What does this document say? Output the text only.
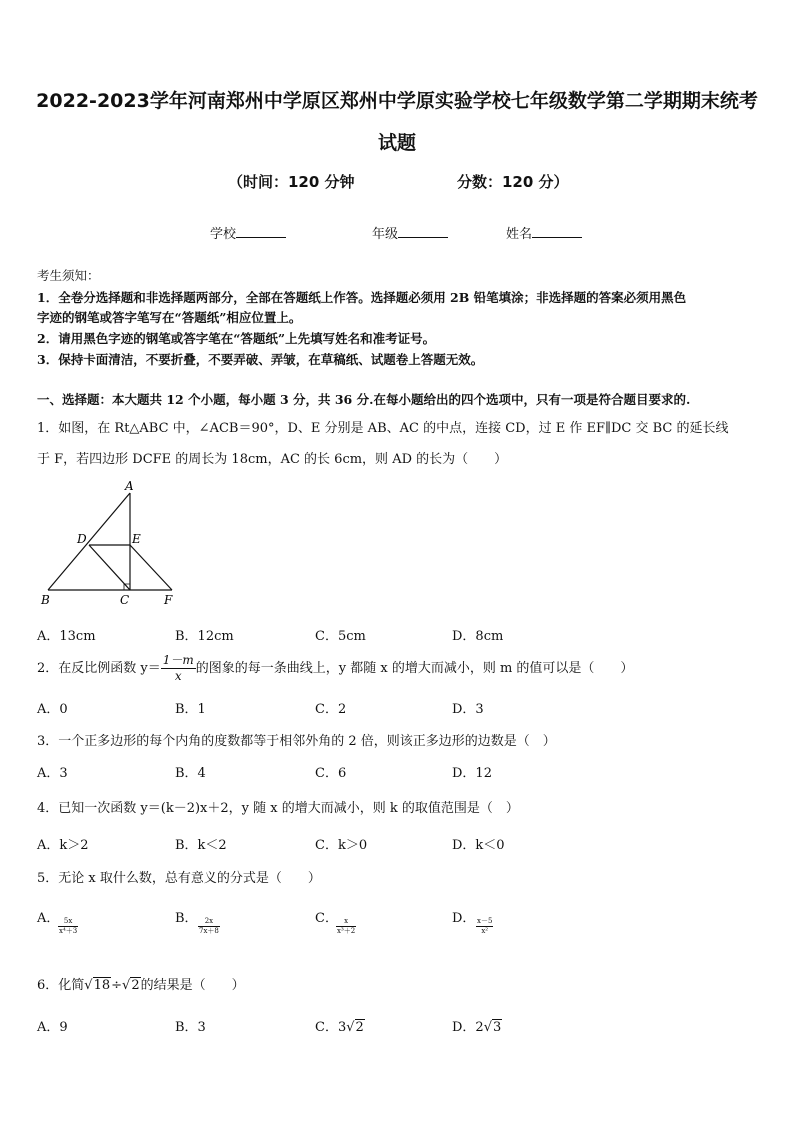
2022-2023学年河南郑州中学原区郑州中学原实验学校七年级数学第二学期期末统考
试题
（时间：120 分钟	分数：120 分）
学校	年级	姓名
考生须知：
1．全卷分选择题和非选择题两部分，全部在答题纸上作答。选择题必须用 2B 铅笔填涂；非选择题的答案必须用黑色
字迹的钢笔或答字笔写在“答题纸”相应位置上。
2．请用黑色字迹的钢笔或答字笔在“答题纸”上先填写姓名和准考证号。
3．保持卡面清洁，不要折叠，不要弄破、弄皱，在草稿纸、试题卷上答题无效。
一、选择题：本大题共 12 个小题，每小题 3 分，共 36 分.在每小题给出的四个选项中，只有一项是符合题目要求的.
1．如图，在 Rt△ABC 中，∠ACB＝90°，D、E 分别是 AB、AC 的中点，连接 CD，过 E 作 EF∥DC 交 BC 的延长线
于 F，若四边形 DCFE 的周长为 18cm，AC 的长 6cm，则 AD 的长为（　　）
A
D	E
B	C	F
A．13cm	B．12cm	C．5cm	D．8cm
2．在反比例函数 $y= \frac{1-m}{x}$ 的图象的每一条曲线上，y 都随 x 的增大而减小，则 m 的值可以是（　　）
A．0	B．1	C．2	D．3
3．一个正多边形的每个内角的度数都等于相邻外角的 2 倍，则该正多边形的边数是（　）
A．3	B．4	C．6	D．12
4．已知一次函数 y＝(k－2)x＋2，y 随 x 的增大而减小，则 k 的取值范围是（　）
A．k＞2	B．k＜2	C．k＞0	D．k＜0
5．无论 x 取什么数，总有意义的分式是（　　）
A．
$\frac{5x}{\text{x⁴＋3}}$	B． $\frac{2x}{7x+8}$	C．
$\frac{x}{\text{x³＋2}}$	D． $\frac{x-5}{\text{x²}}$
6．化简√18÷√2的结果是（　　）
A．9	B．3	C．3√2	D．2√3
